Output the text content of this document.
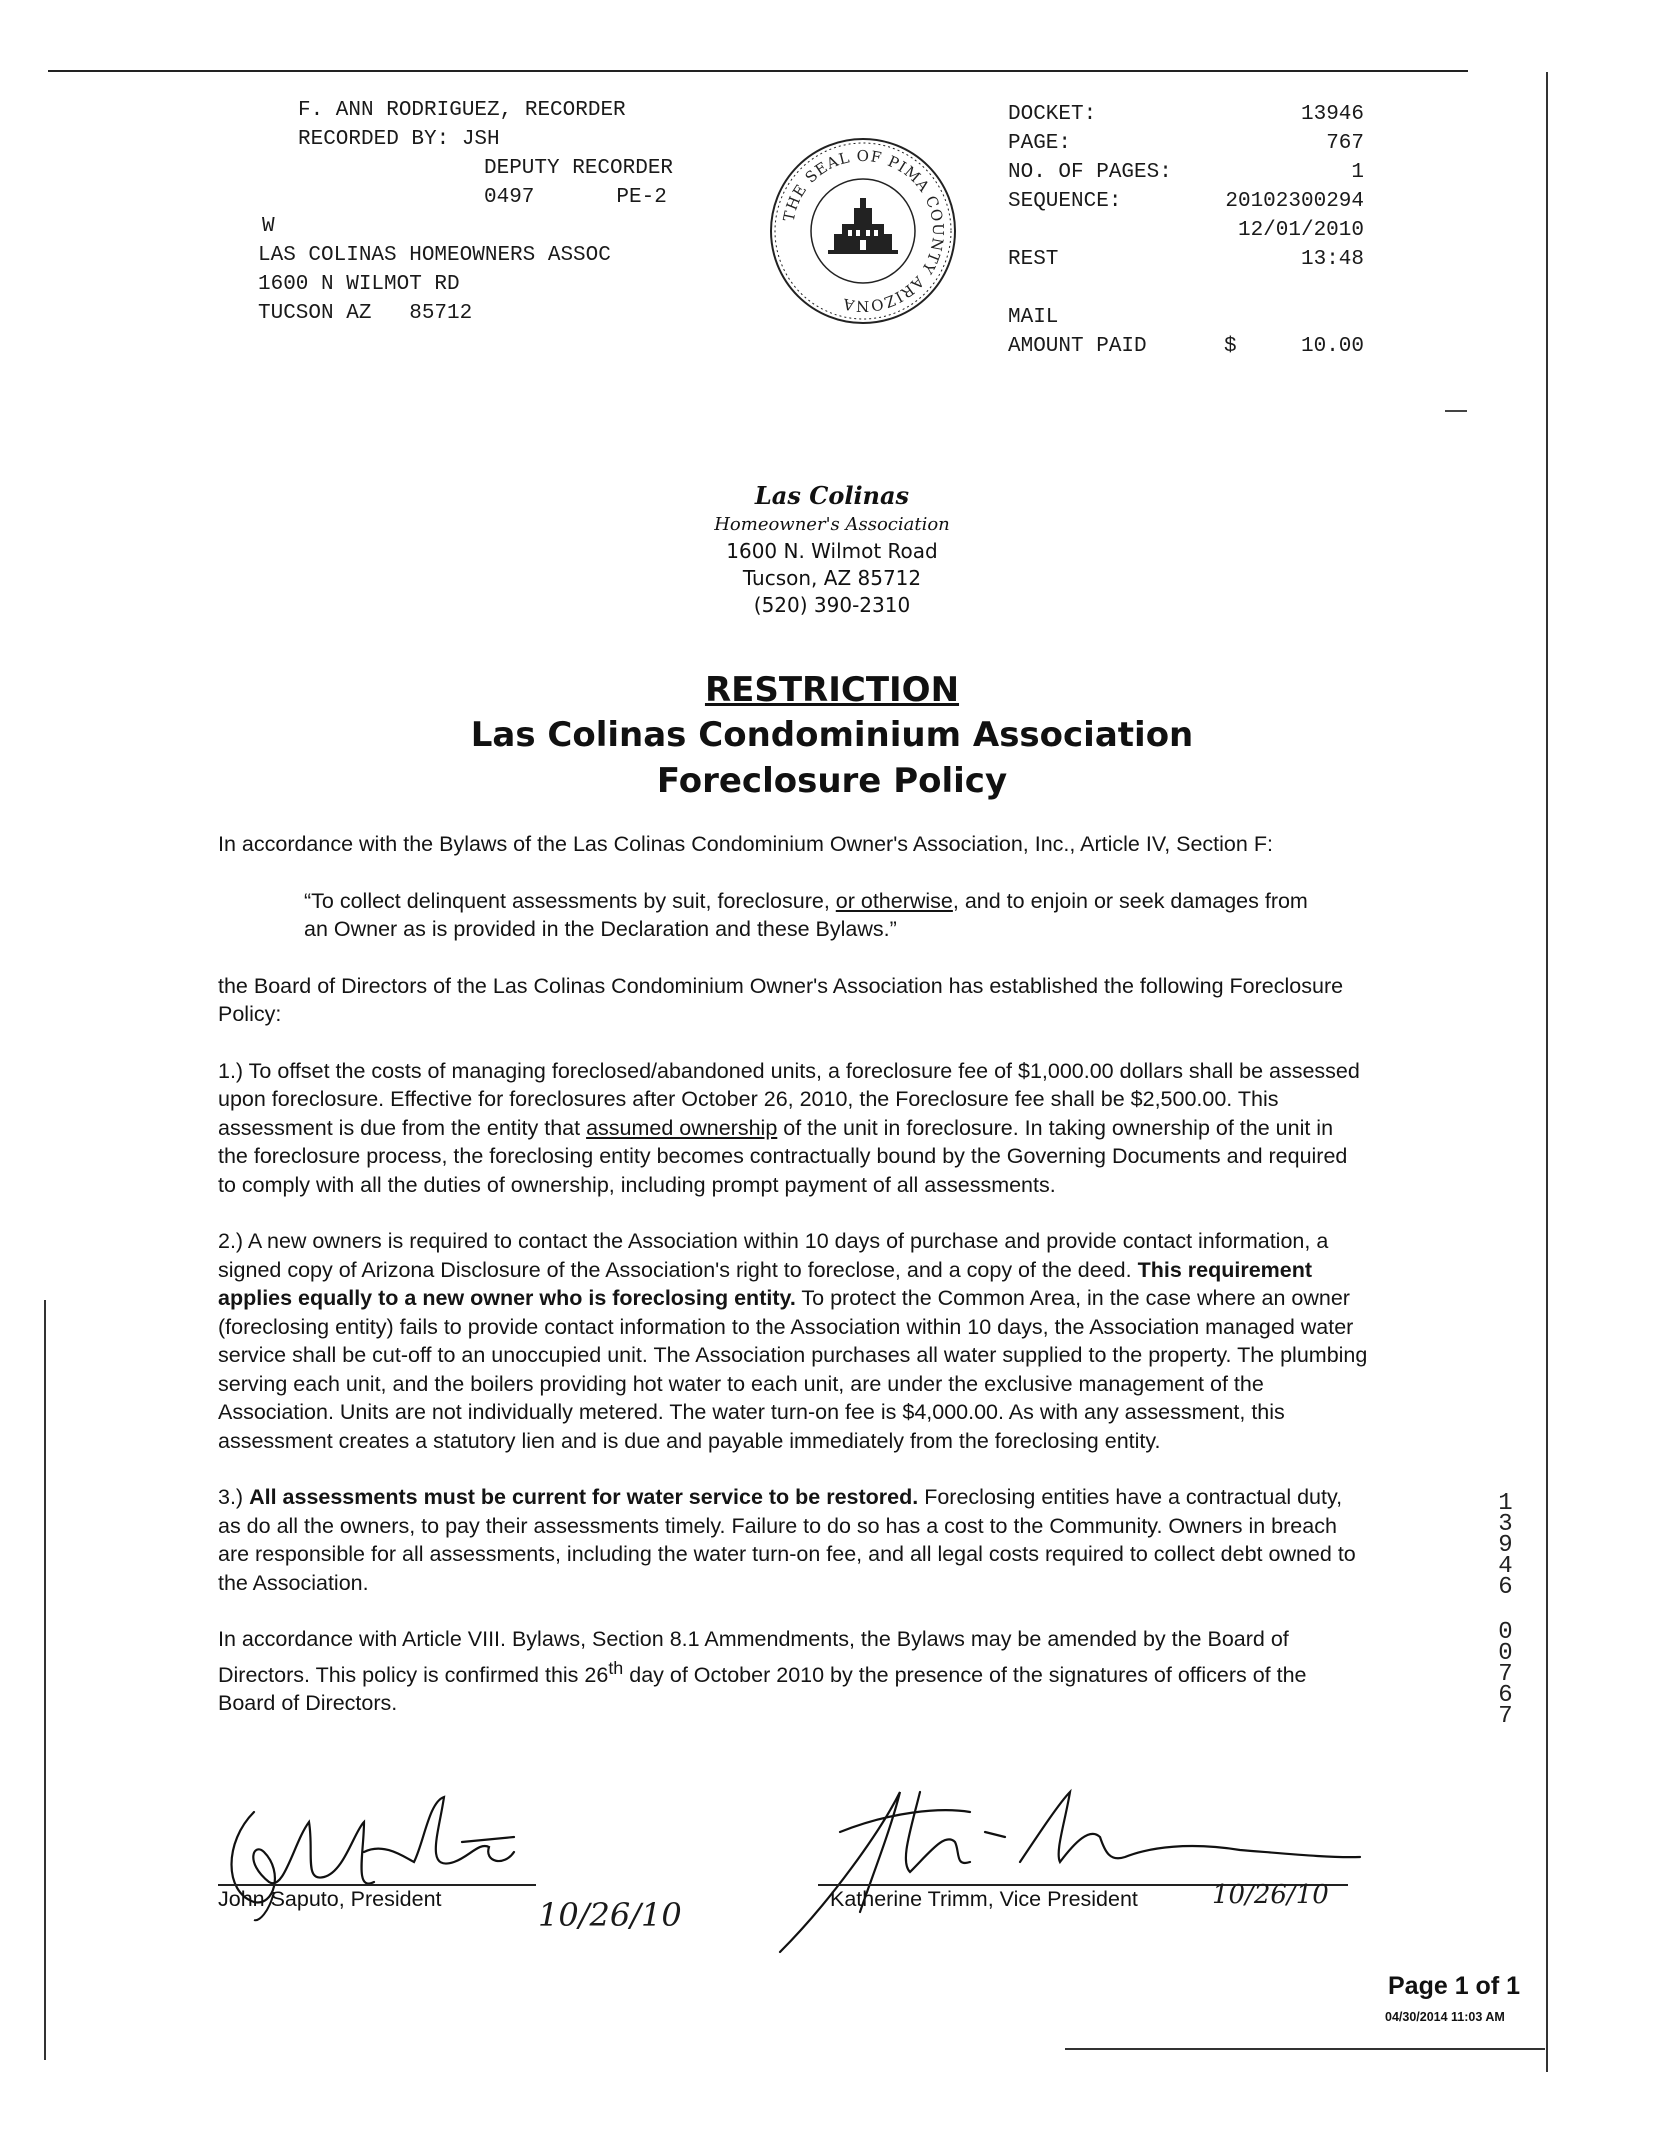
F. ANN RODRIGUEZ, RECORDER
RECORDED BY: JSH
DEPUTY RECORDER
0497	PE-2
W
LAS COLINAS HOMEOWNERS ASSOC
1600 N WILMOT RD
TUCSON AZ   85712
DOCKET:	13946
PAGE:	767
NO. OF PAGES:	1
SEQUENCE:	20102300294
12/01/2010
REST	13:48
MAIL
AMOUNT PAID	$	10.00
THE SEAL OF PIMA COUNTY ARIZONA
Las Colinas
Homeowner's Association
1600 N. Wilmot Road
Tucson, AZ 85712
(520) 390-2310
RESTRICTION
Las Colinas Condominium Association
Foreclosure Policy

In accordance with the Bylaws of the Las Colinas Condominium Owner's Association, Inc., Article IV, Section F:

“To collect delinquent assessments by suit, foreclosure, or otherwise, and to enjoin or seek damages from an Owner as is provided in the Declaration and these Bylaws.”

the Board of Directors of the Las Colinas Condominium Owner's Association has established the following Foreclosure Policy:

1.) To offset the costs of managing foreclosed/abandoned units, a foreclosure fee of $1,000.00 dollars shall be assessed upon foreclosure. Effective for foreclosures after October 26, 2010, the Foreclosure fee shall be $2,500.00. This assessment is due from the entity that assumed ownership of the unit in foreclosure. In taking ownership of the unit in the foreclosure process, the foreclosing entity becomes contractually bound by the Governing Documents and required to comply with all the duties of ownership, including prompt payment of all assessments.

2.) A new owners is required to contact the Association within 10 days of purchase and provide contact information, a signed copy of Arizona Disclosure of the Association's right to foreclose, and a copy of the deed. This requirement applies equally to a new owner who is foreclosing entity. To protect the Common Area, in the case where an owner (foreclosing entity) fails to provide contact information to the Association within 10 days, the Association managed water service shall be cut-off to an unoccupied unit. The Association purchases all water supplied to the property. The plumbing serving each unit, and the boilers providing hot water to each unit, are under the exclusive management of the Association. Units are not individually metered. The water turn-on fee is $4,000.00. As with any assessment, this assessment creates a statutory lien and is due and payable immediately from the foreclosing entity.

3.) All assessments must be current for water service to be restored. Foreclosing entities have a contractual duty, as do all the owners, to pay their assessments timely. Failure to do so has a cost to the Community. Owners in breach are responsible for all assessments, including the water turn-on fee, and all legal costs required to collect debt owned to the Association.

In accordance with Article VIII. Bylaws, Section 8.1 Ammendments, the Bylaws may be amended by the Board of Directors. This policy is confirmed this 26th day of October 2010 by the presence of the signatures of officers of the Board of Directors.

13946
00767
John Saputo, President	Katherine Trimm, Vice President
10/26/10
10/26/10
Page 1 of 1
04/30/2014 11:03 AM
